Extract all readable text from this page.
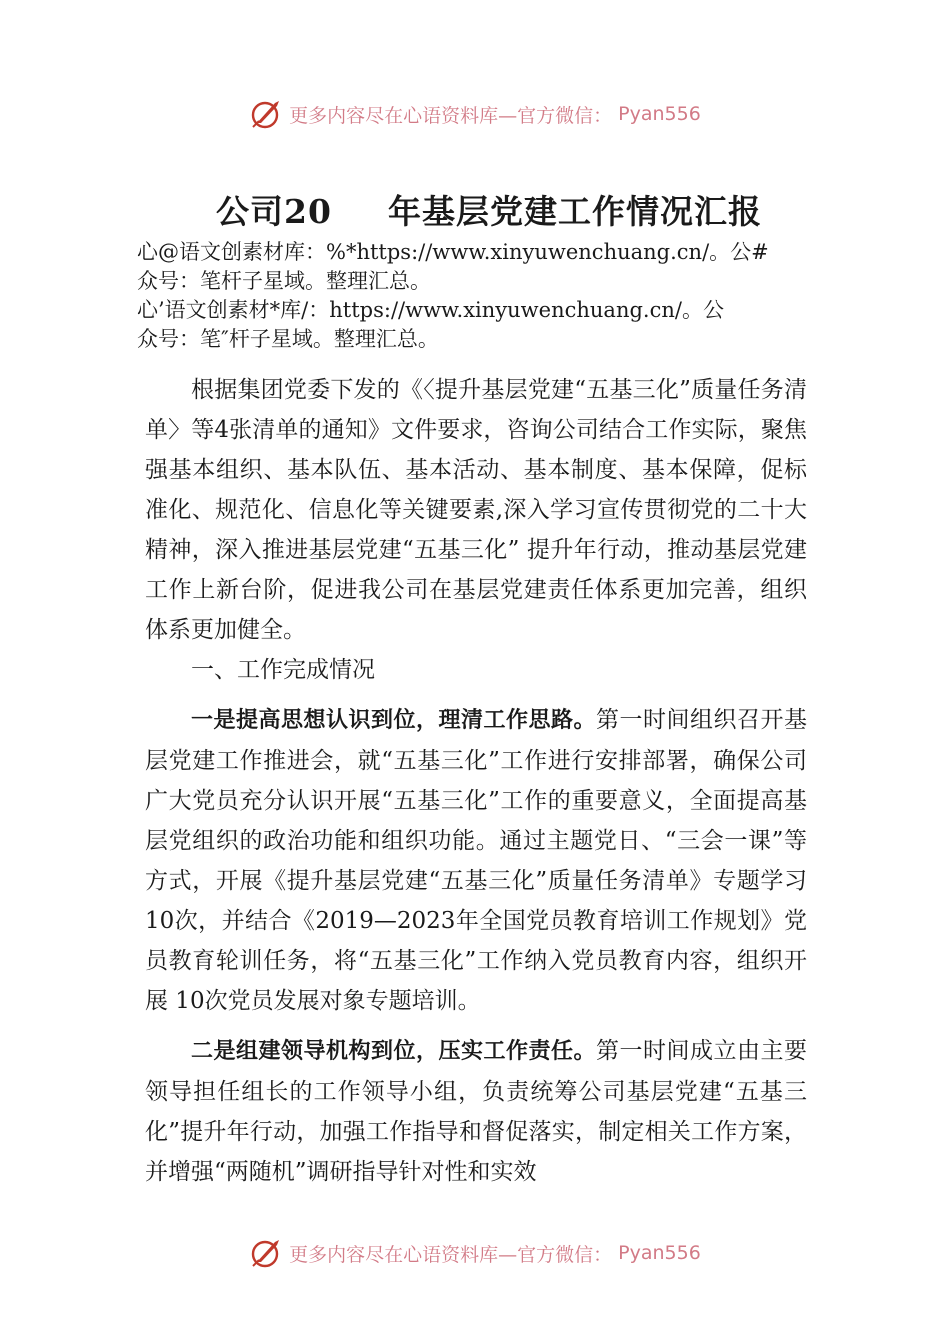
更多内容尽在心语资料库—官方微信： Pyan556
公司20 年基层党建工作情况汇报

心@语文创素材库：%*https://www.xinyuwenchuang.cn/。公#

众号：笔杆子星域。整理汇总。

心’语文创素材*库/：https://www.xinyuwenchuang.cn/。公

众号：笔″杆子星域。整理汇总。

根据集团党委下发的《〈提升基层党建“五基三化”质量任务清单〉等4张清单的通知》文件要求，咨询公司结合工作实际，聚焦强基本组织、基本队伍、基本活动、基本制度、基本保障，促标准化、规范化、信息化等关键要素,深入学习宣传贯彻党的二十大精神，深入推进基层党建“五基三化” 提升年行动，推动基层党建工作上新台阶，促进我公司在基层党建责任体系更加完善，组织体系更加健全。

一、工作完成情况

一是提高思想认识到位，理清工作思路。第一时间组织召开基层党建工作推进会，就“五基三化”工作进行安排部署，确保公司广大党员充分认识开展“五基三化”工作的重要意义，全面提高基层党组织的政治功能和组织功能。通过主题党日、“三会一课”等方式，开展《提升基层党建“五基三化”质量任务清单》专题学习 10次，并结合《2019—2023年全国党员教育培训工作规划》党员教育轮训任务，将“五基三化”工作纳入党员教育内容，组织开展 10次党员发展对象专题培训。

二是组建领导机构到位，压实工作责任。第一时间成立由主要领导担任组长的工作领导小组，负责统筹公司基层党建“五基三化”提升年行动，加强工作指导和督促落实，制定相关工作方案，并增强“两随机”调研指导针对性和实效

更多内容尽在心语资料库—官方微信： Pyan556
